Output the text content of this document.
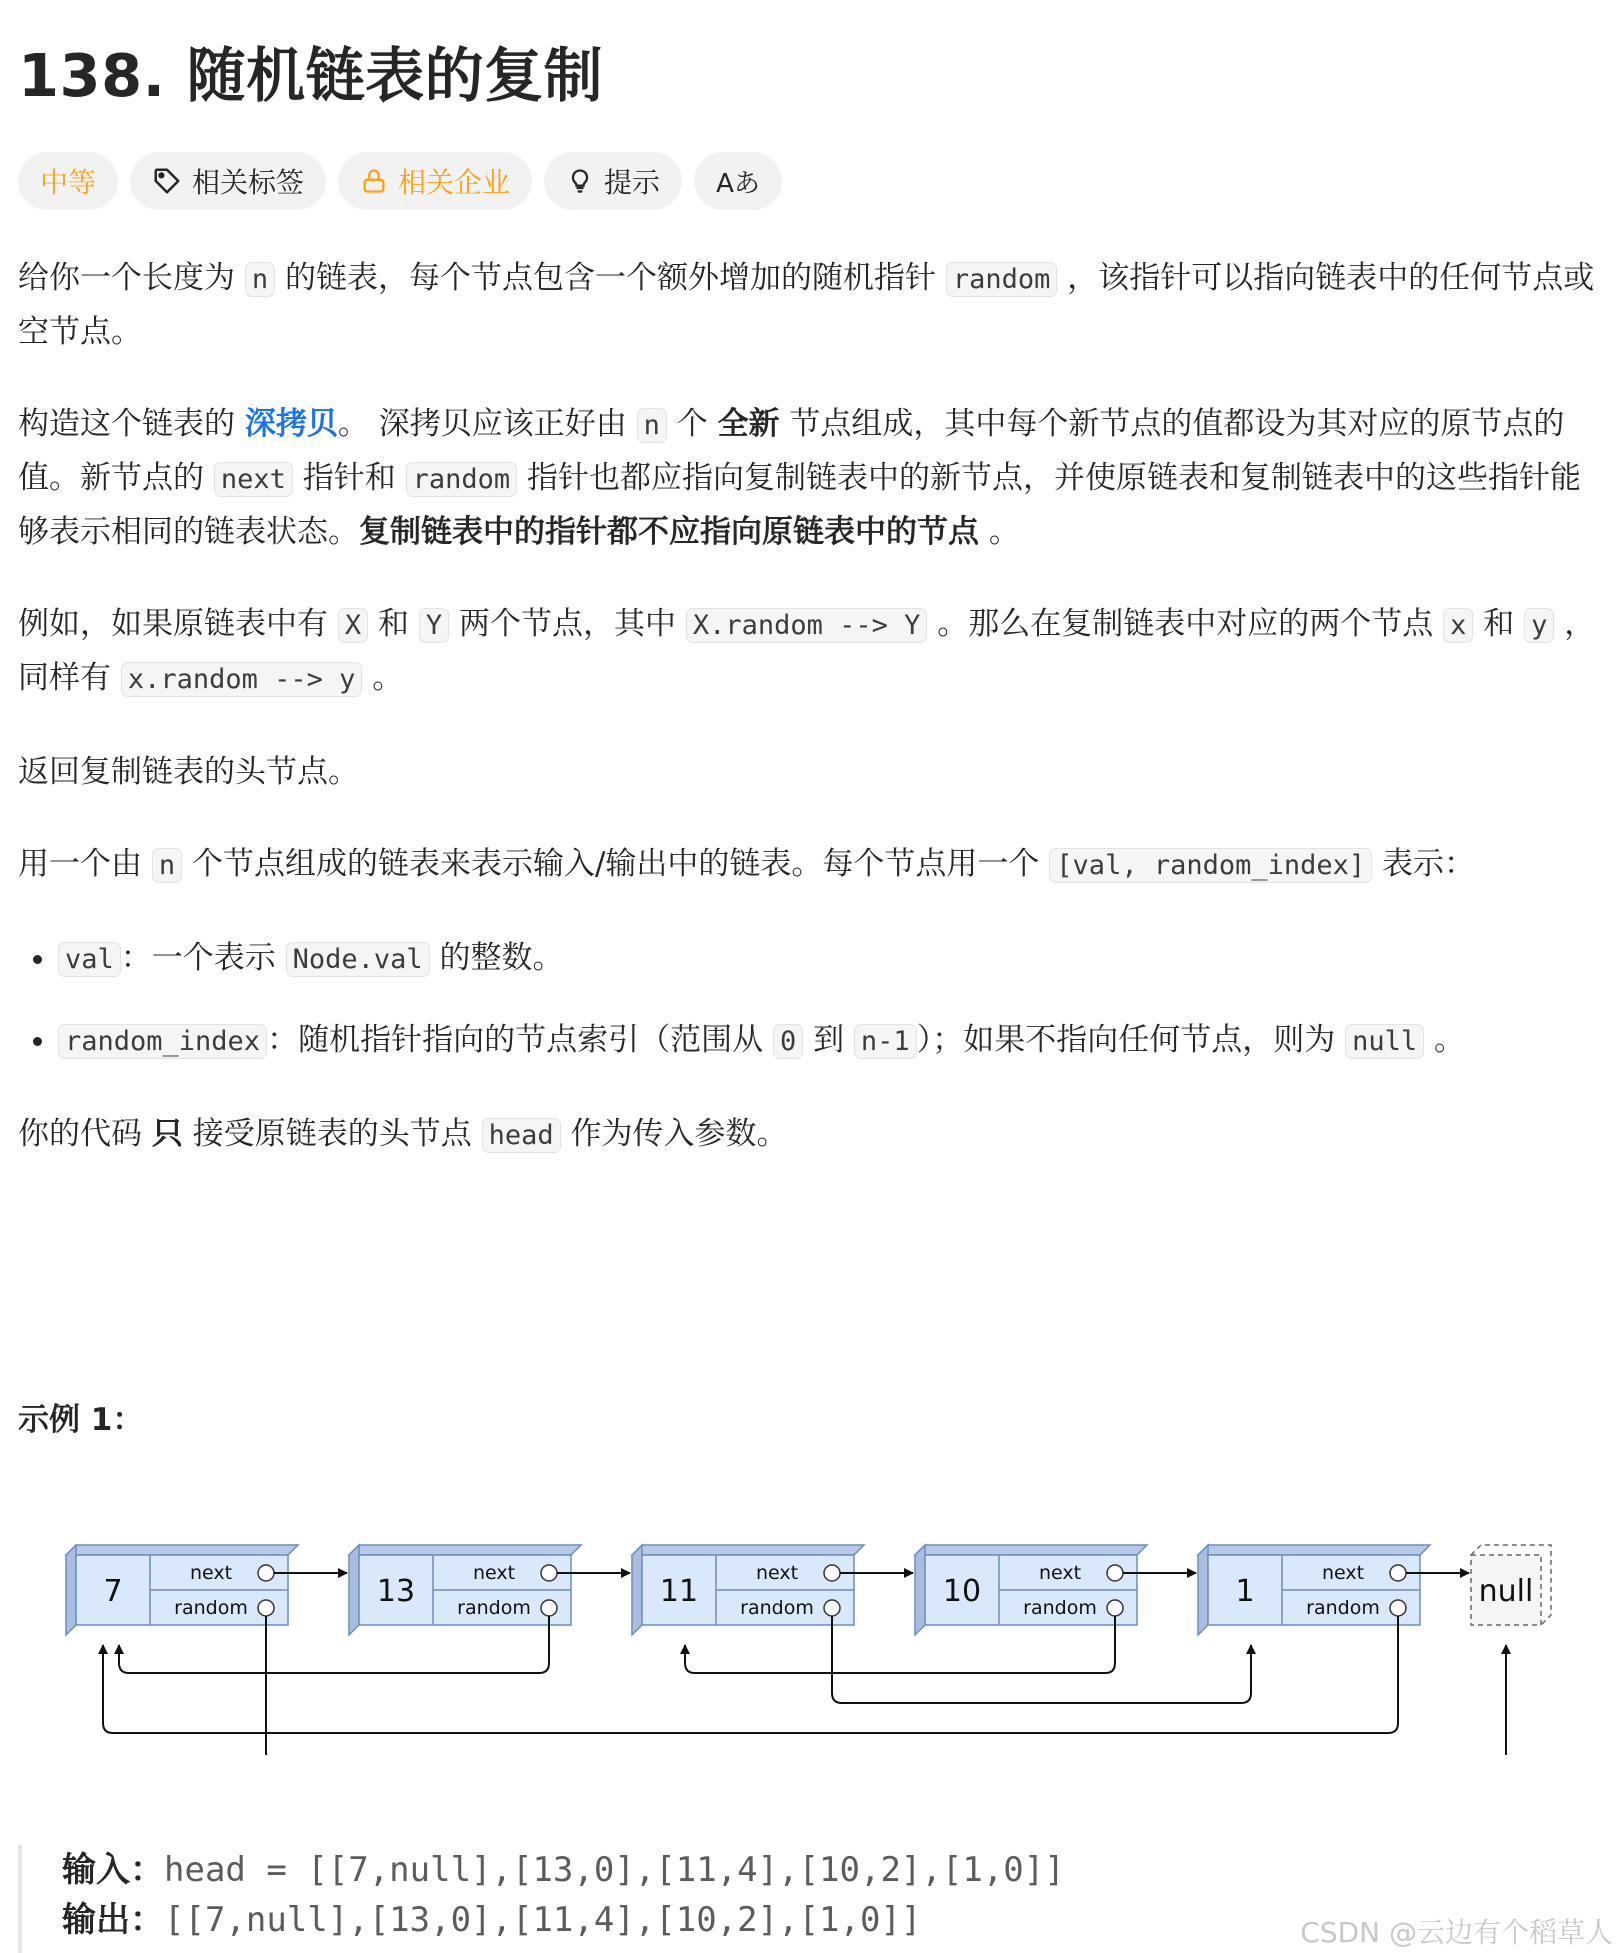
138. 随机链表的复制
中等	相关标签	相关企业	提示 Aあ

给你一个长度为 n 的链表，每个节点包含一个额外增加的随机指针 random ，该指针可以指向链表中的任何节点或空节点。

构造这个链表的 深拷贝。 深拷贝应该正好由 n 个 全新 节点组成，其中每个新节点的值都设为其对应的原节点的值。新节点的 next 指针和 random 指针也都应指向复制链表中的新节点，并使原链表和复制链表中的这些指针能够表示相同的链表状态。复制链表中的指针都不应指向原链表中的节点 。

例如，如果原链表中有 X 和 Y 两个节点，其中 X.random --> Y 。那么在复制链表中对应的两个节点 x 和 y ，同样有 x.random --> y 。

返回复制链表的头节点。

用一个由 n 个节点组成的链表来表示输入/输出中的链表。每个节点用一个 [val, random_index] 表示：

• val ：一个表示 Node.val 的整数。
• random_index ：随机指针指向的节点索引（范围从 0 到 n-1 ）；如果不指向任何节点，则为 null 。

你的代码 只 接受原链表的头节点 head 作为传入参数。

示例 1：
7
next
random	13
next
random	11
next
random	10
next
random	1
next
random	null
输入：head = [[7,null],[13,0],[11,4],[10,2],[1,0]]
输出：[[7,null],[13,0],[11,4],[10,2],[1,0]]	CSDN @云边有个稻草人
